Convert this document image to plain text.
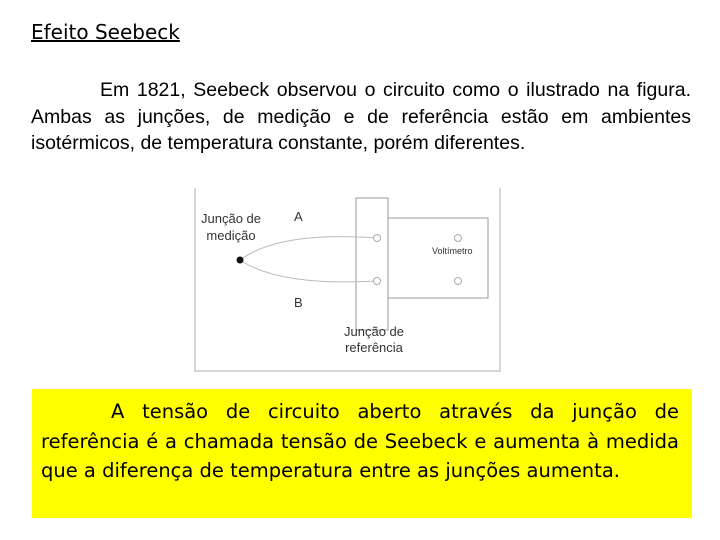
Efeito Seebeck
Em 1821, Seebeck observou o circuito como o ilustrado na figura. Ambas as junções, de medição e de referência estão em ambientes isotérmicos, de temperatura constante, porém diferentes.
Junção de medição
A
B
Voltímetro
Junção de referência
A tensão de circuito aberto através da junção de referência é a chamada tensão de Seebeck e aumenta à medida que a diferença de temperatura entre as junções aumenta.
